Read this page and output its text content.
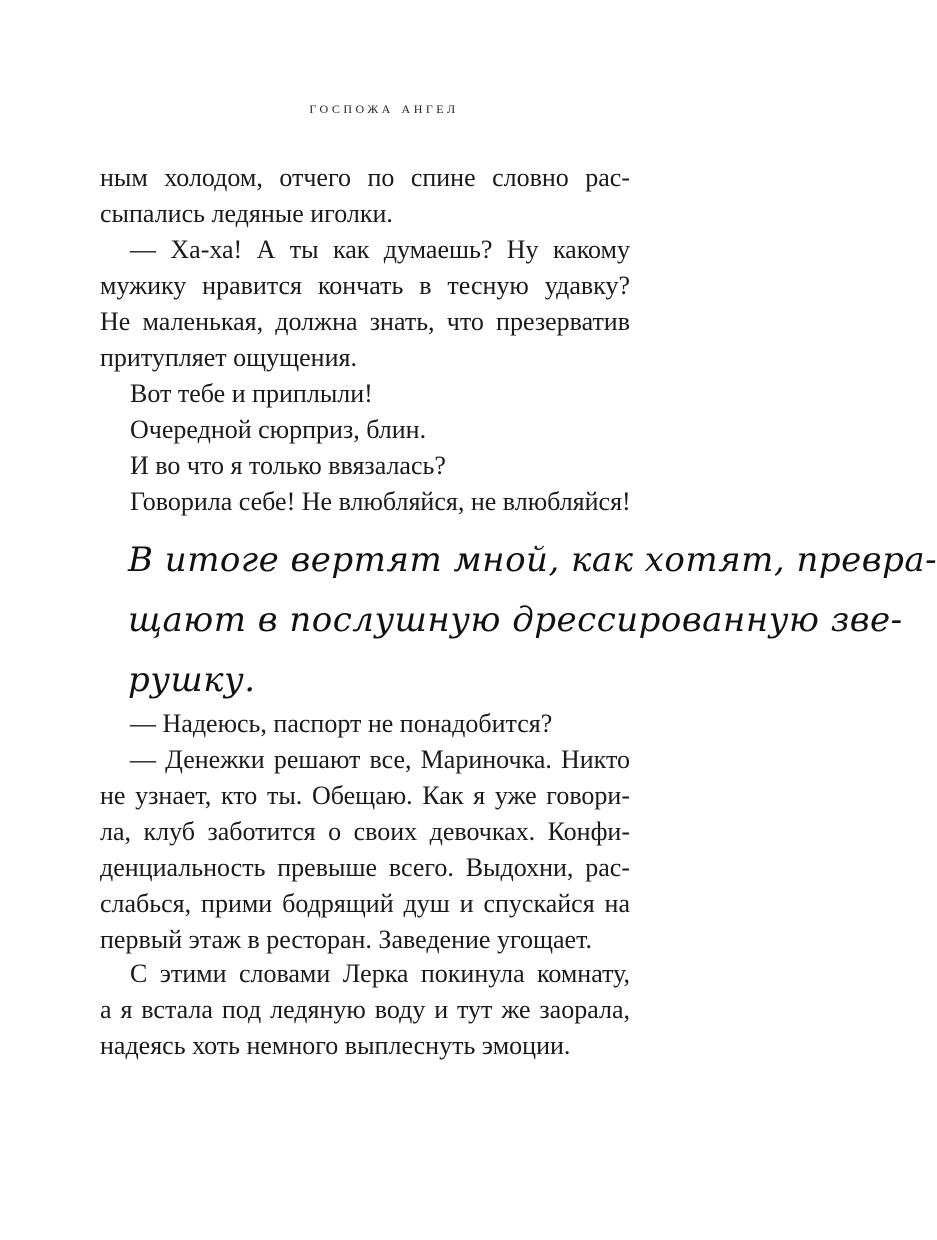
госпожа ангел
ным холодом, отчего по спине словно рас-
сыпались ледяные иголки.
— Ха-ха! А ты как думаешь? Ну какому
мужику нравится кончать в тесную удавку?
Не маленькая, должна знать, что презерватив
притупляет ощущения.
Вот тебе и приплыли!
Очередной сюрприз, блин.
И во что я только ввязалась?
Говорила себе! Не влюбляйся, не влюбляйся!
В итоге вертят мной, как хотят, превра-
щают в послушную дрессированную зве-
рушку.
— Надеюсь, паспорт не понадобится?
— Денежки решают все, Мариночка. Никто
не узнает, кто ты. Обещаю. Как я уже говори-
ла, клуб заботится о своих девочках. Конфи-
денциальность превыше всего. Выдохни, рас-
слабься, прими бодрящий душ и спускайся на
первый этаж в ресторан. Заведение угощает.
С этими словами Лерка покинула комнату,
а я встала под ледяную воду и тут же заорала,
надеясь хоть немного выплеснуть эмоции.
